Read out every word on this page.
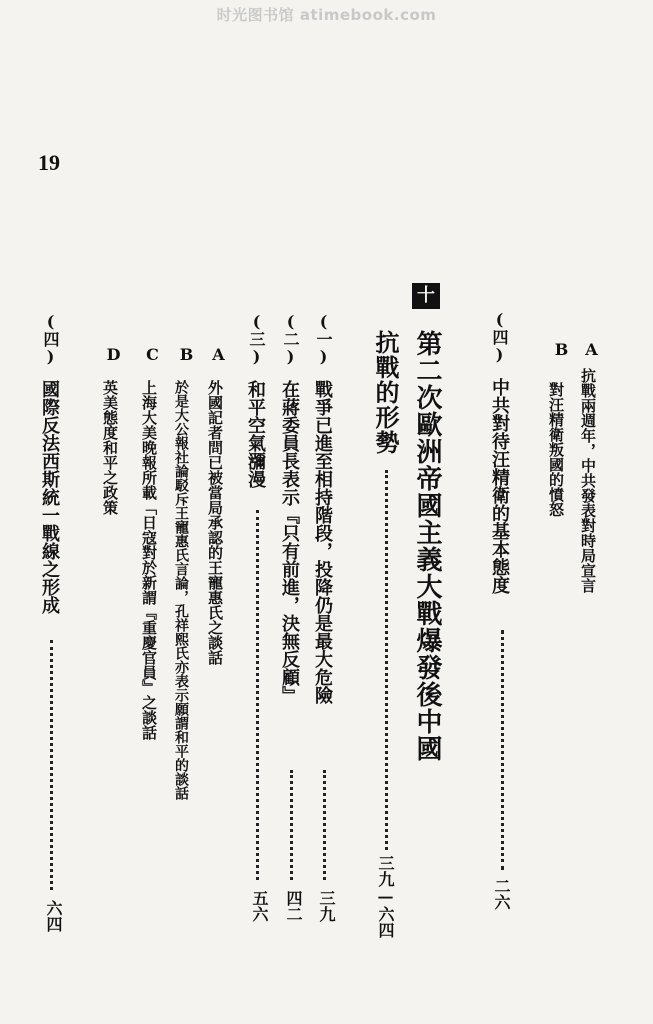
时光图书馆 atimebook.com
19
A
抗戰兩週年，中共發表對時局宣言
B
對汪精衛叛國的憤怒
(四)
中共對待汪精衛的基本態度
二六
十四
第二次歐洲帝國主義大戰爆發後中國
抗戰的形勢
三九—六四
(一)
戰爭已進至相持階段，投降仍是最大危險
三九
(二)
在蔣委員長表示『只有前進，決無反顧』
四二
(三)
和平空氣瀰漫
五六
A
外國記者問已被當局承認的王寵惠氏之談話
B
於是大公報社論駁斥王寵惠氏言論，孔祥熙氏亦表示願謂和平的談話
C
上海大美晚報所載「日寇對於新謂『重慶官員』之談話
D
英美態度和平之政策
(四)
國際反法西斯統一戰線之形成
六四
